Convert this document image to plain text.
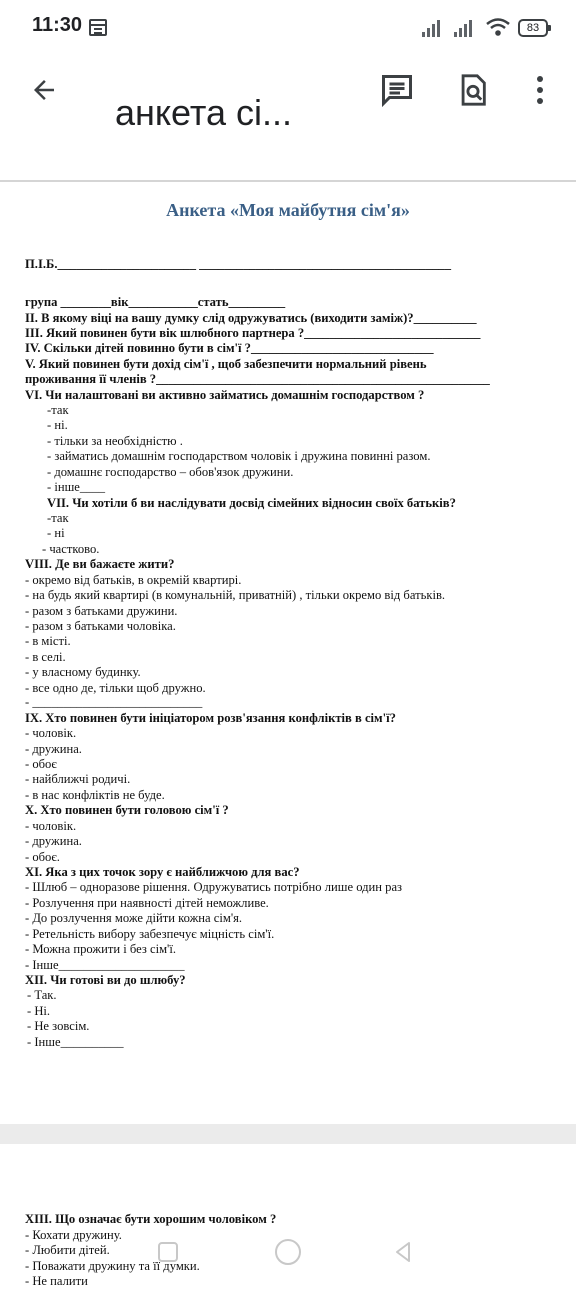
11:30	83
анкета сі...
Анкета «Моя майбутня сім'я»
П.І.Б.______________________ ________________________________________
група ________вік___________стать_________
ІІ. В якому віці на вашу думку слід одружуватись (виходити заміж)?__________
ІІІ. Який повинен бути вік шлюбного партнера ?____________________________
IV. Скільки дітей повинно бути в сім'ї ?_____________________________
V. Який повинен бути дохід сім'ї , щоб забезпечити нормальний рівень
проживання її членів ?_____________________________________________________
VI. Чи налаштовані ви активно займатись домашнім господарством ?
-так
- ні.
- тільки за необхідністю .
- займатись домашнім господарством чоловік і дружина повинні разом.
- домашнє господарство – обов'язок дружини.
- інше____
VII. Чи хотіли б ви наслідувати досвід сімейних відносин своїх батьків?
-так
- ні
- частково.
VIII. Де ви бажаєте жити?
- окремо від батьків, в окремій квартирі.
- на будь який квартирі (в комунальній, приватній) , тільки окремо від батьків.
- разом з батьками дружини.
- разом з батьками чоловіка.
- в місті.
- в селі.
- у власному будинку.
- все одно де, тільки щоб дружно.
- ___________________________
ІХ. Хто повинен бути ініціатором розв'язання конфліктів в сім'ї?
- чоловік.
- дружина.
- обоє
- найближчі родичі.
- в нас конфліктів не буде.
Х. Хто повинен бути головою сім'ї ?
- чоловік.
- дружина.
- обоє.
ХІ. Яка з цих точок зору є найближчою для вас?
- Шлюб – одноразове рішення. Одружуватись потрібно лише один раз
- Розлучення при наявності дітей неможливе.
- До розлучення може дійти кожна сім'я.
- Ретельність вибору забезпечує міцність сім'ї.
- Можна прожити і без сім'ї.
- Інше____________________
ХІІ. Чи готові ви до шлюбу?
- Так.
- Ні.
- Не зовсім.
- Інше__________
ХІІІ. Що означає бути хорошим чоловіком ?
- Кохати дружину.
- Любити дітей.
- Поважати дружину та її думки.
- Не палити
